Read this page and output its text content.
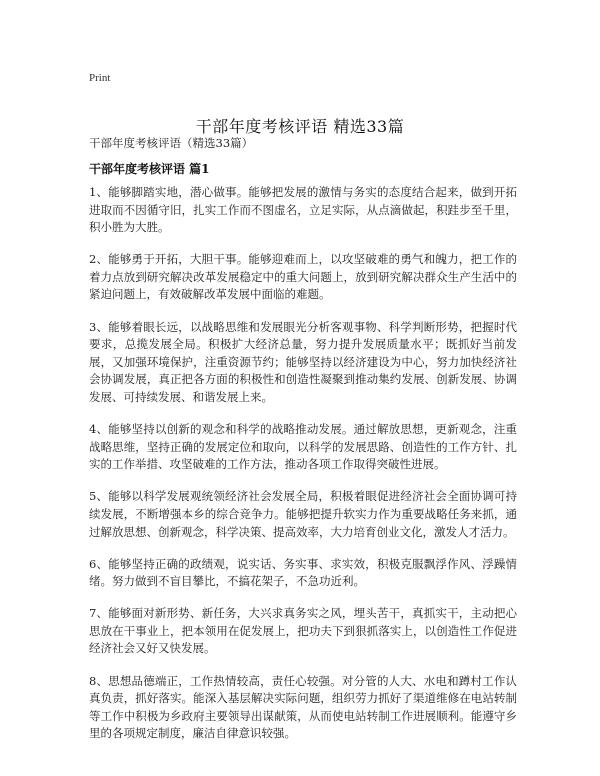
Print
干部年度考核评语 精选33篇
干部年度考核评语（精选33篇）
干部年度考核评语 篇1

1、能够脚踏实地，潜心做事。能够把发展的激情与务实的态度结合起来，做到开拓进取而不因循守旧，扎实工作而不图虚名，立足实际，从点滴做起，积跬步至千里，积小胜为大胜。

2、能够勇于开拓，大胆干事。能够迎难而上，以攻坚破难的勇气和魄力，把工作的着力点放到研究解决改革发展稳定中的重大问题上，放到研究解决群众生产生活中的紧迫问题上，有效破解改革发展中面临的难题。

3、能够着眼长远，以战略思维和发展眼光分析客观事物、科学判断形势，把握时代要求，总揽发展全局。积极扩大经济总量，努力提升发展质量水平；既抓好当前发展，又加强环境保护，注重资源节约；能够坚持以经济建设为中心，努力加快经济社会协调发展，真正把各方面的积极性和创造性凝聚到推动集约发展、创新发展、协调发展、可持续发展、和谐发展上来。

4、能够坚持以创新的观念和科学的战略推动发展。通过解放思想，更新观念，注重战略思维，坚持正确的发展定位和取向，以科学的发展思路、创造性的工作方针、扎实的工作举措、攻坚破难的工作方法，推动各项工作取得突破性进展。

5、能够以科学发展观统领经济社会发展全局，积极着眼促进经济社会全面协调可持续发展，不断增强本乡的综合竞争力。能够把提升软实力作为重要战略任务来抓，通过解放思想、创新观念，科学决策、提高效率，大力培育创业文化，激发人才活力。

6、能够坚持正确的政绩观，说实话、务实事、求实效，积极克服飘浮作风、浮躁情绪。努力做到不盲目攀比，不搞花架子，不急功近利。

7、能够面对新形势、新任务，大兴求真务实之风，埋头苦干，真抓实干，主动把心思放在干事业上，把本领用在促发展上，把功夫下到狠抓落实上，以创造性工作促进经济社会又好又快发展。

8、思想品德端正，工作热情较高，责任心较强。对分管的人大、水电和蹲村工作认真负责，抓好落实。能深入基层解决实际问题，组织劳力抓好了渠道维修在电站转制等工作中积极为乡政府主要领导出谋献策，从而使电站转制工作进展顺利。能遵守乡里的各项规定制度，廉洁自律意识较强。
